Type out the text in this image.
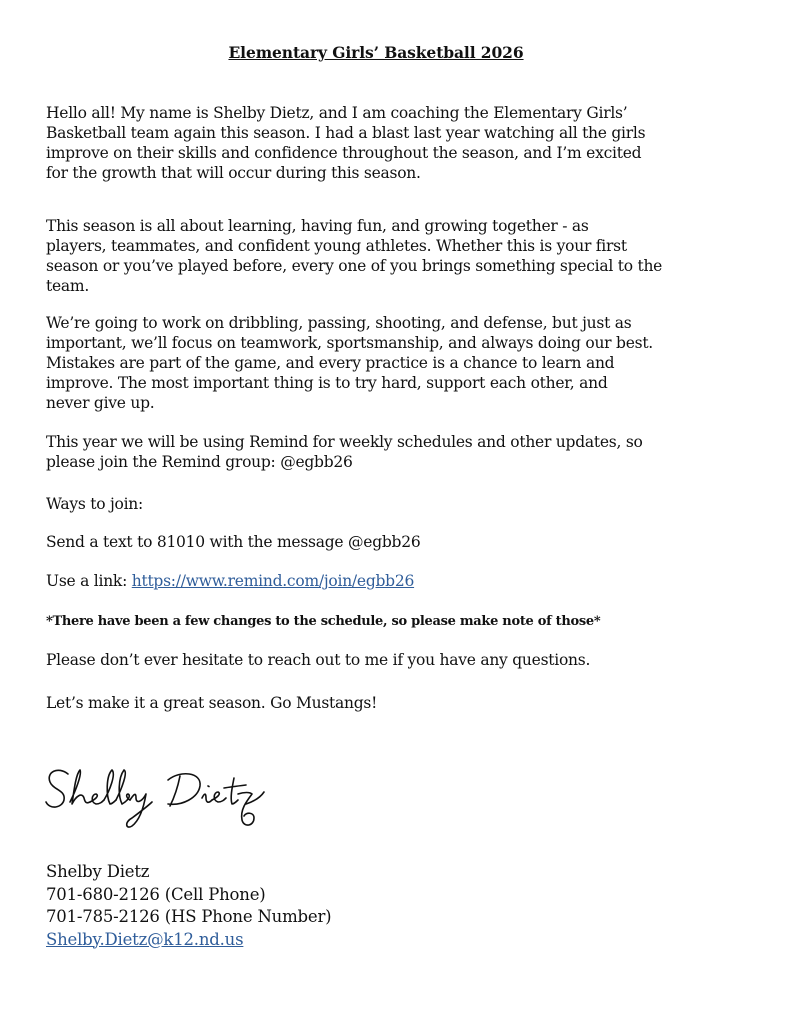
Elementary Girls’ Basketball 2026

Hello all! My name is Shelby Dietz, and I am coaching the Elementary Girls’
Basketball team again this season. I had a blast last year watching all the girls
improve on their skills and confidence throughout the season, and I’m excited
for the growth that will occur during this season.

This season is all about learning, having fun, and growing together - as
players, teammates, and confident young athletes. Whether this is your first
season or you’ve played before, every one of you brings something special to the
team.

We’re going to work on dribbling, passing, shooting, and defense, but just as
important, we’ll focus on teamwork, sportsmanship, and always doing our best.
Mistakes are part of the game, and every practice is a chance to learn and
improve. The most important thing is to try hard, support each other, and
never give up.

This year we will be using Remind for weekly schedules and other updates, so
please join the Remind group: @egbb26

Ways to join:

Send a text to 81010 with the message @egbb26

Use a link: https://www.remind.com/join/egbb26

*There have been a few changes to the schedule, so please make note of those*

Please don’t ever hesitate to reach out to me if you have any questions.

Let’s make it a great season. Go Mustangs!

Shelby Dietz
701-680-2126 (Cell Phone)
701-785-2126 (HS Phone Number)
Shelby.Dietz@k12.nd.us
